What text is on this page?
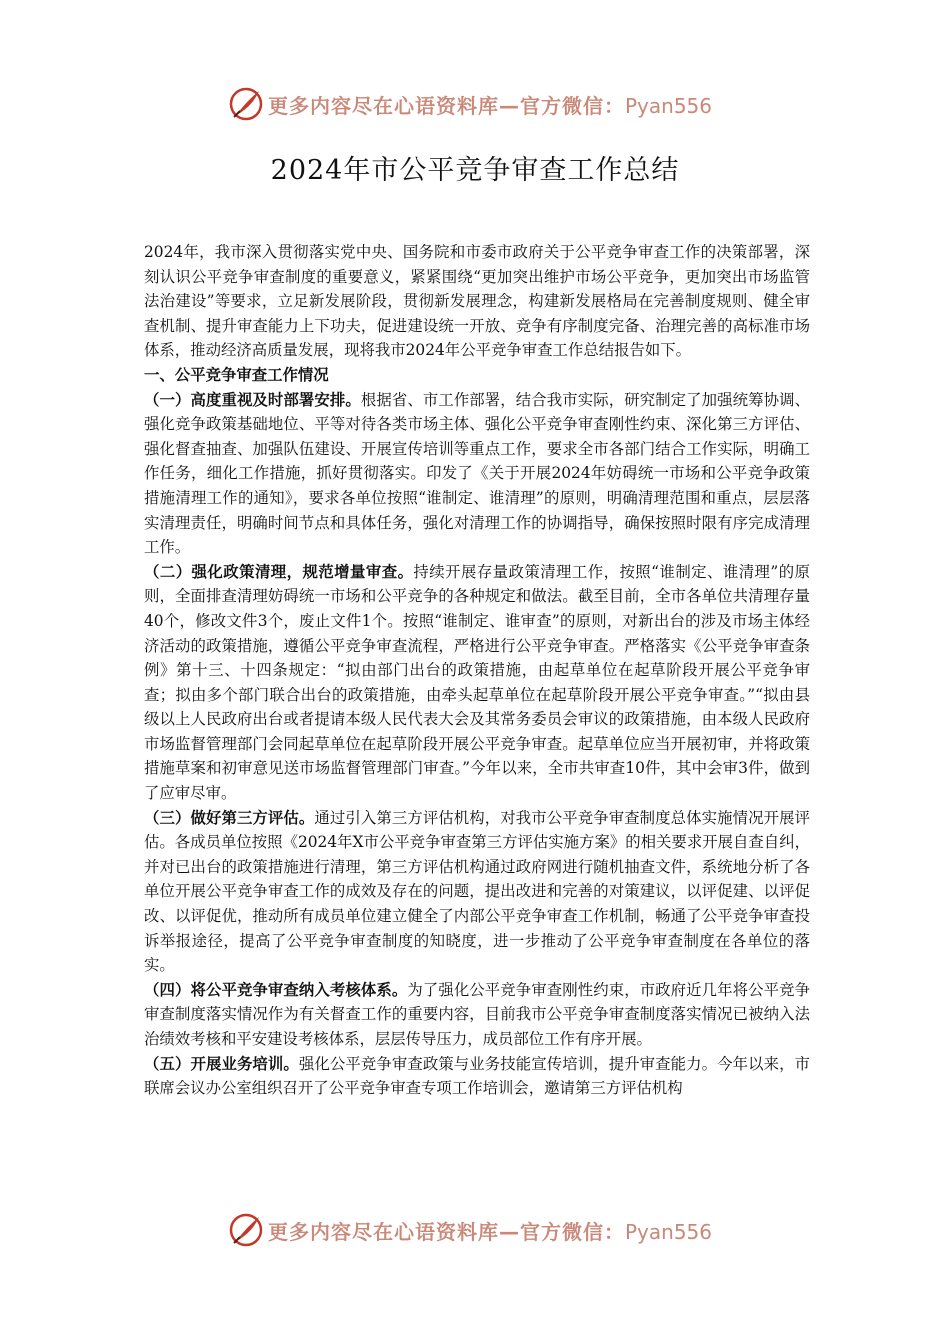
更多内容尽在心语资料库—官方微信：Pyan556
2024年市公平竞争审查工作总结

2024年，我市深入贯彻落实党中央、国务院和市委市政府关于公平竞争审查工作的决策部署，深刻认识公平竞争审查制度的重要意义，紧紧围绕“更加突出维护市场公平竞争，更加突出市场监管法治建设”等要求，立足新发展阶段，贯彻新发展理念，构建新发展格局在完善制度规则、健全审查机制、提升审查能力上下功夫，促进建设统一开放、竞争有序制度完备、治理完善的高标准市场体系，推动经济高质量发展，现将我市2024年公平竞争审查工作总结报告如下。

一、公平竞争审查工作情况

（一）高度重视及时部署安排。根据省、市工作部署，结合我市实际，研究制定了加强统筹协调、强化竞争政策基础地位、平等对待各类市场主体、强化公平竞争审查刚性约束、深化第三方评估、强化督查抽查、加强队伍建设、开展宣传培训等重点工作，要求全市各部门结合工作实际，明确工作任务，细化工作措施，抓好贯彻落实。印发了《关于开展2024年妨碍统一市场和公平竞争政策措施清理工作的通知》，要求各单位按照“谁制定、谁清理”的原则，明确清理范围和重点，层层落实清理责任，明确时间节点和具体任务，强化对清理工作的协调指导，确保按照时限有序完成清理工作。

（二）强化政策清理，规范增量审查。持续开展存量政策清理工作，按照“谁制定、谁清理”的原则，全面排查清理妨碍统一市场和公平竞争的各种规定和做法。截至目前，全市各单位共清理存量40个，修改文件3个，废止文件1个。按照“谁制定、谁审查”的原则，对新出台的涉及市场主体经济活动的政策措施，遵循公平竞争审查流程，严格进行公平竞争审查。严格落实《公平竞争审查条例》第十三、十四条规定：“拟由部门出台的政策措施，由起草单位在起草阶段开展公平竞争审查；拟由多个部门联合出台的政策措施，由牵头起草单位在起草阶段开展公平竞争审查。”“拟由县级以上人民政府出台或者提请本级人民代表大会及其常务委员会审议的政策措施，由本级人民政府市场监督管理部门会同起草单位在起草阶段开展公平竞争审查。起草单位应当开展初审，并将政策措施草案和初审意见送市场监督管理部门审查。”今年以来，全市共审查10件，其中会审3件，做到了应审尽审。

（三）做好第三方评估。通过引入第三方评估机构，对我市公平竞争审查制度总体实施情况开展评估。各成员单位按照《2024年X市公平竞争审查第三方评估实施方案》的相关要求开展自查自纠，并对已出台的政策措施进行清理，第三方评估机构通过政府网进行随机抽查文件，系统地分析了各单位开展公平竞争审查工作的成效及存在的问题，提出改进和完善的对策建议，以评促建、以评促改、以评促优，推动所有成员单位建立健全了内部公平竞争审查工作机制，畅通了公平竞争审查投诉举报途径，提高了公平竞争审查制度的知晓度，进一步推动了公平竞争审查制度在各单位的落实。

（四）将公平竞争审查纳入考核体系。为了强化公平竞争审查刚性约束，市政府近几年将公平竞争审查制度落实情况作为有关督查工作的重要内容，目前我市公平竞争审查制度落实情况已被纳入法治绩效考核和平安建设考核体系，层层传导压力，成员部位工作有序开展。

（五）开展业务培训。强化公平竞争审查政策与业务技能宣传培训，提升审查能力。今年以来，市联席会议办公室组织召开了公平竞争审查专项工作培训会，邀请第三方评估机构

更多内容尽在心语资料库—官方微信：Pyan556
